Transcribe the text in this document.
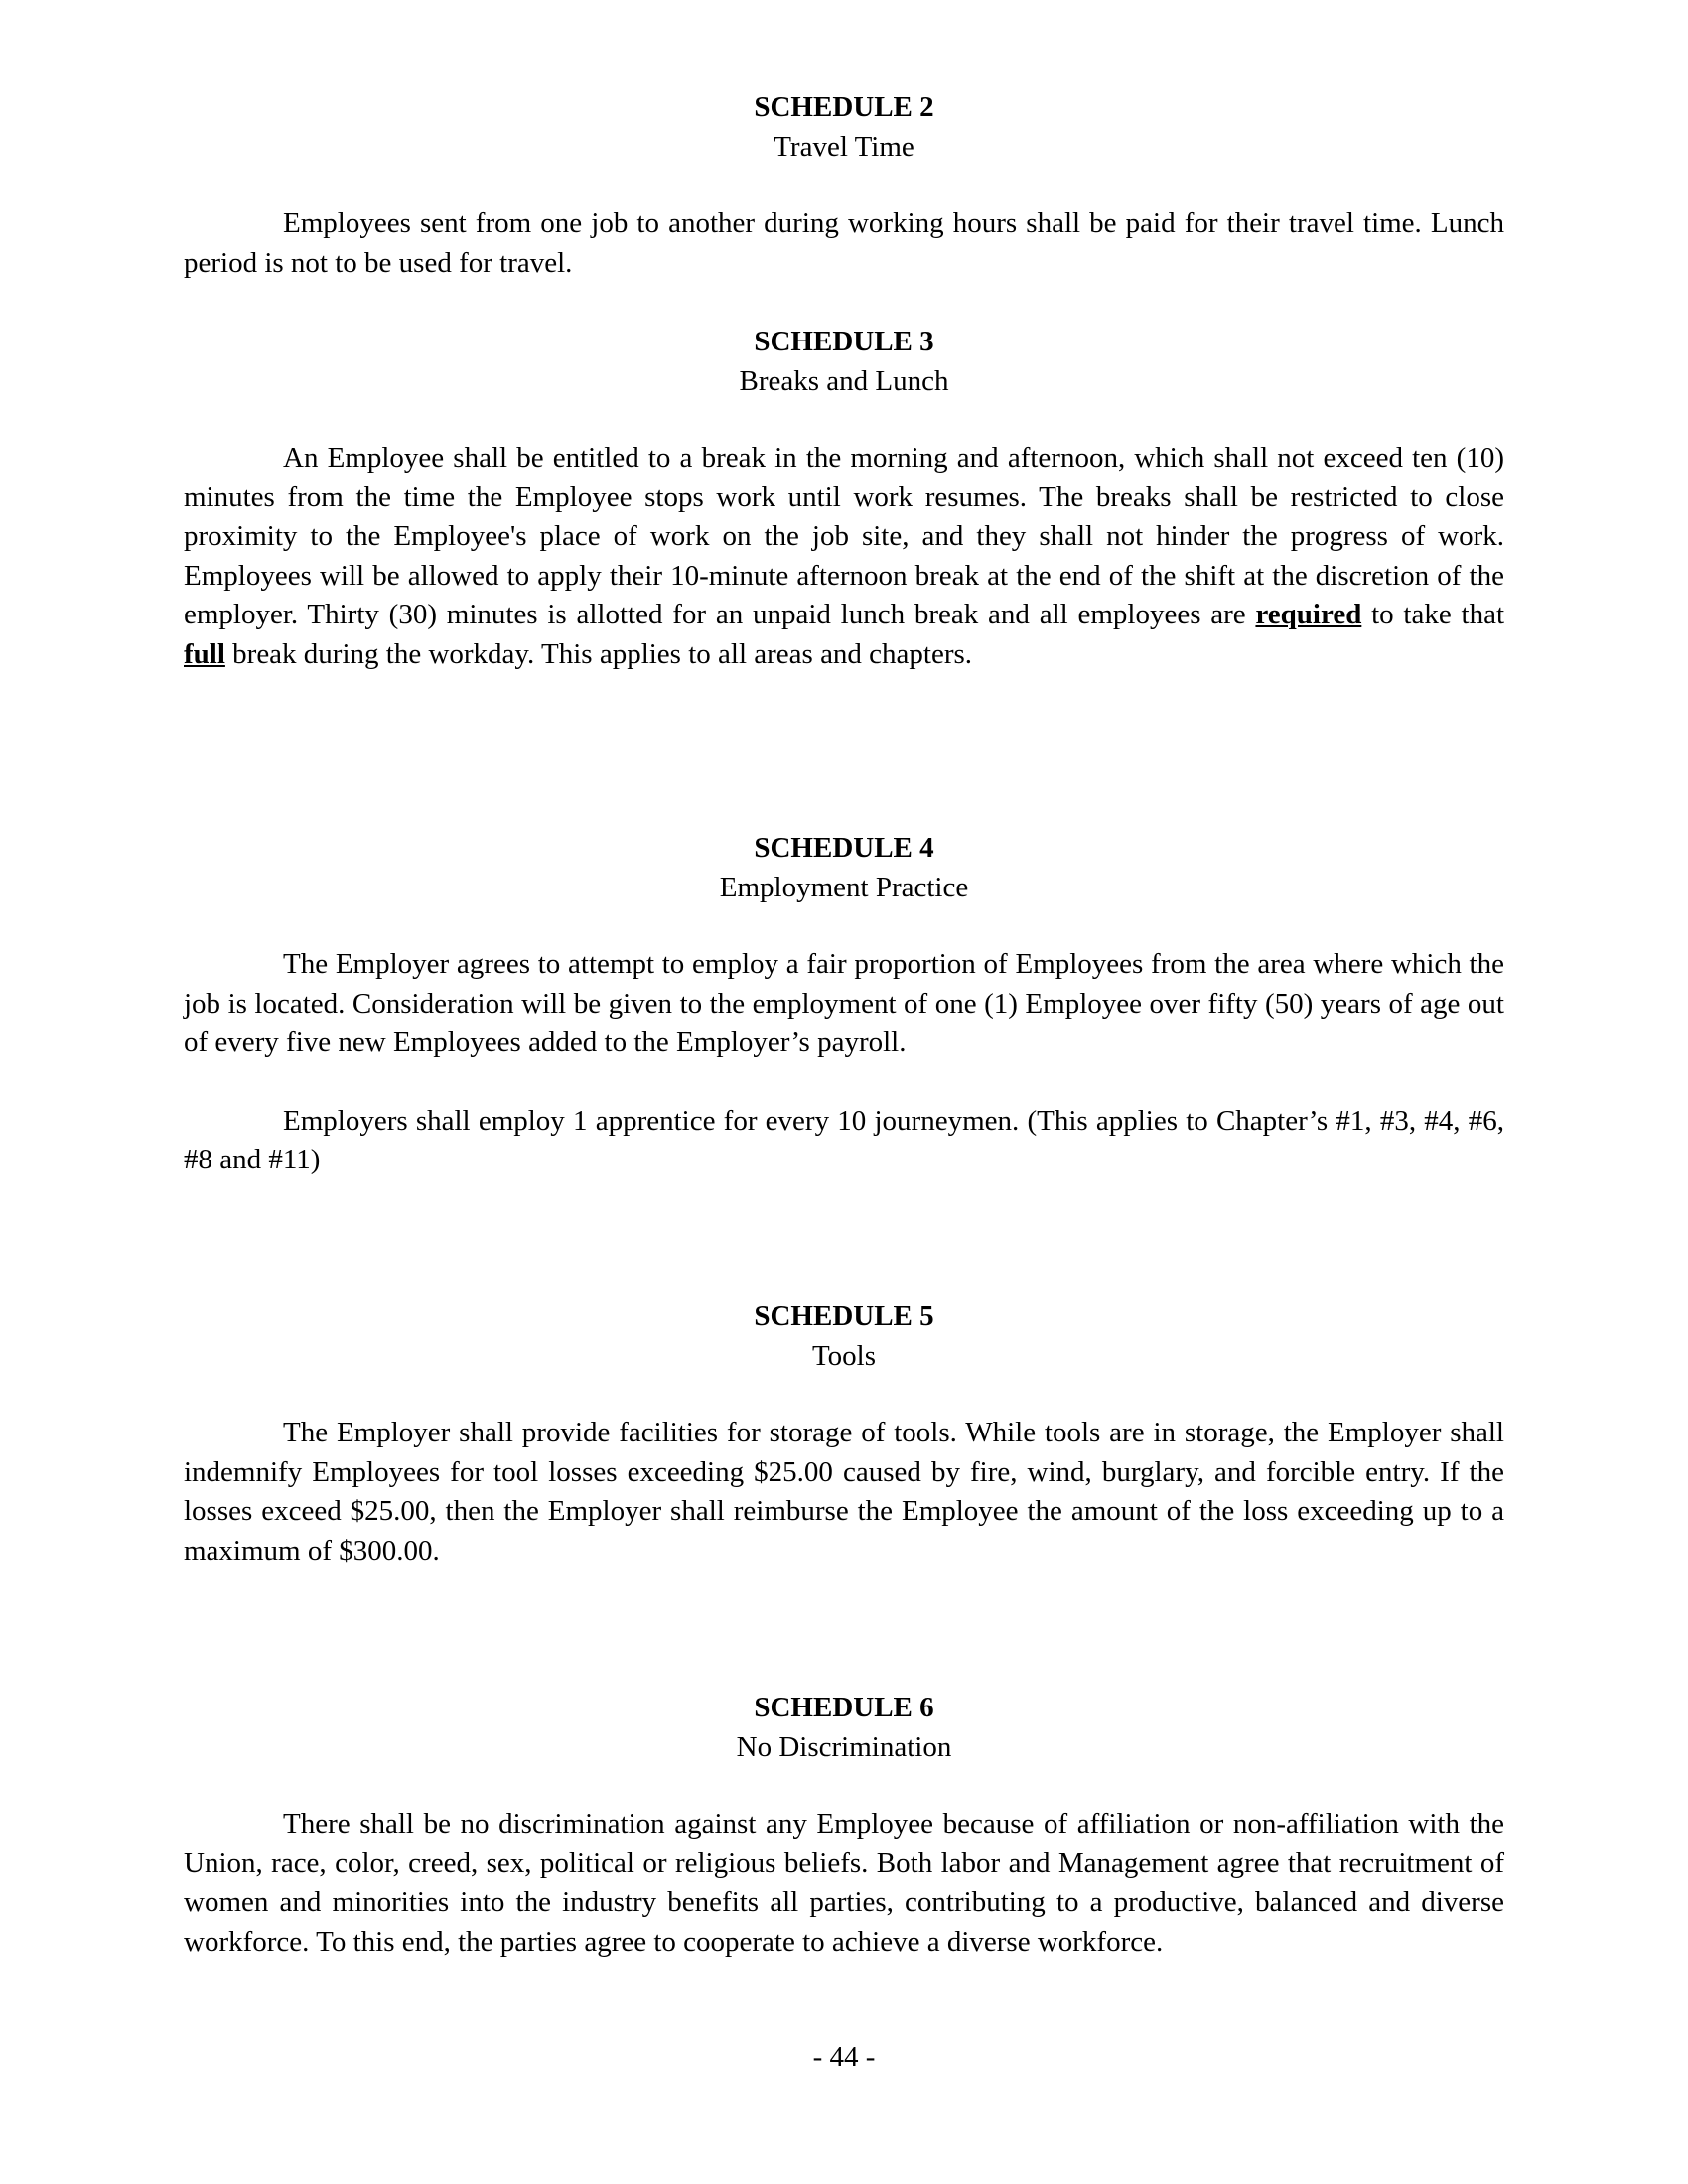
SCHEDULE 2
Travel Time

Employees sent from one job to another during working hours shall be paid for their travel time. Lunch period is not to be used for travel.

SCHEDULE 3
Breaks and Lunch

An Employee shall be entitled to a break in the morning and afternoon, which shall not exceed ten (10) minutes from the time the Employee stops work until work resumes. The breaks shall be restricted to close proximity to the Employee's place of work on the job site, and they shall not hinder the progress of work. Employees will be allowed to apply their 10-minute afternoon break at the end of the shift at the discretion of the employer. Thirty (30) minutes is allotted for an unpaid lunch break and all employees are required to take that full break during the workday. This applies to all areas and chapters.

SCHEDULE 4
Employment Practice

The Employer agrees to attempt to employ a fair proportion of Employees from the area where which the job is located. Consideration will be given to the employment of one (1) Employee over fifty (50) years of age out of every five new Employees added to the Employer’s payroll.

Employers shall employ 1 apprentice for every 10 journeymen. (This applies to Chapter’s #1, #3, #4, #6, #8 and #11)

SCHEDULE 5
Tools

The Employer shall provide facilities for storage of tools. While tools are in storage, the Employer shall indemnify Employees for tool losses exceeding $25.00 caused by fire, wind, burglary, and forcible entry. If the losses exceed $25.00, then the Employer shall reimburse the Employee the amount of the loss exceeding up to a maximum of $300.00.

SCHEDULE 6
No Discrimination

There shall be no discrimination against any Employee because of affiliation or non-affiliation with the Union, race, color, creed, sex, political or religious beliefs. Both labor and Management agree that recruitment of women and minorities into the industry benefits all parties, contributing to a productive, balanced and diverse workforce. To this end, the parties agree to cooperate to achieve a diverse workforce.

- 44 -
